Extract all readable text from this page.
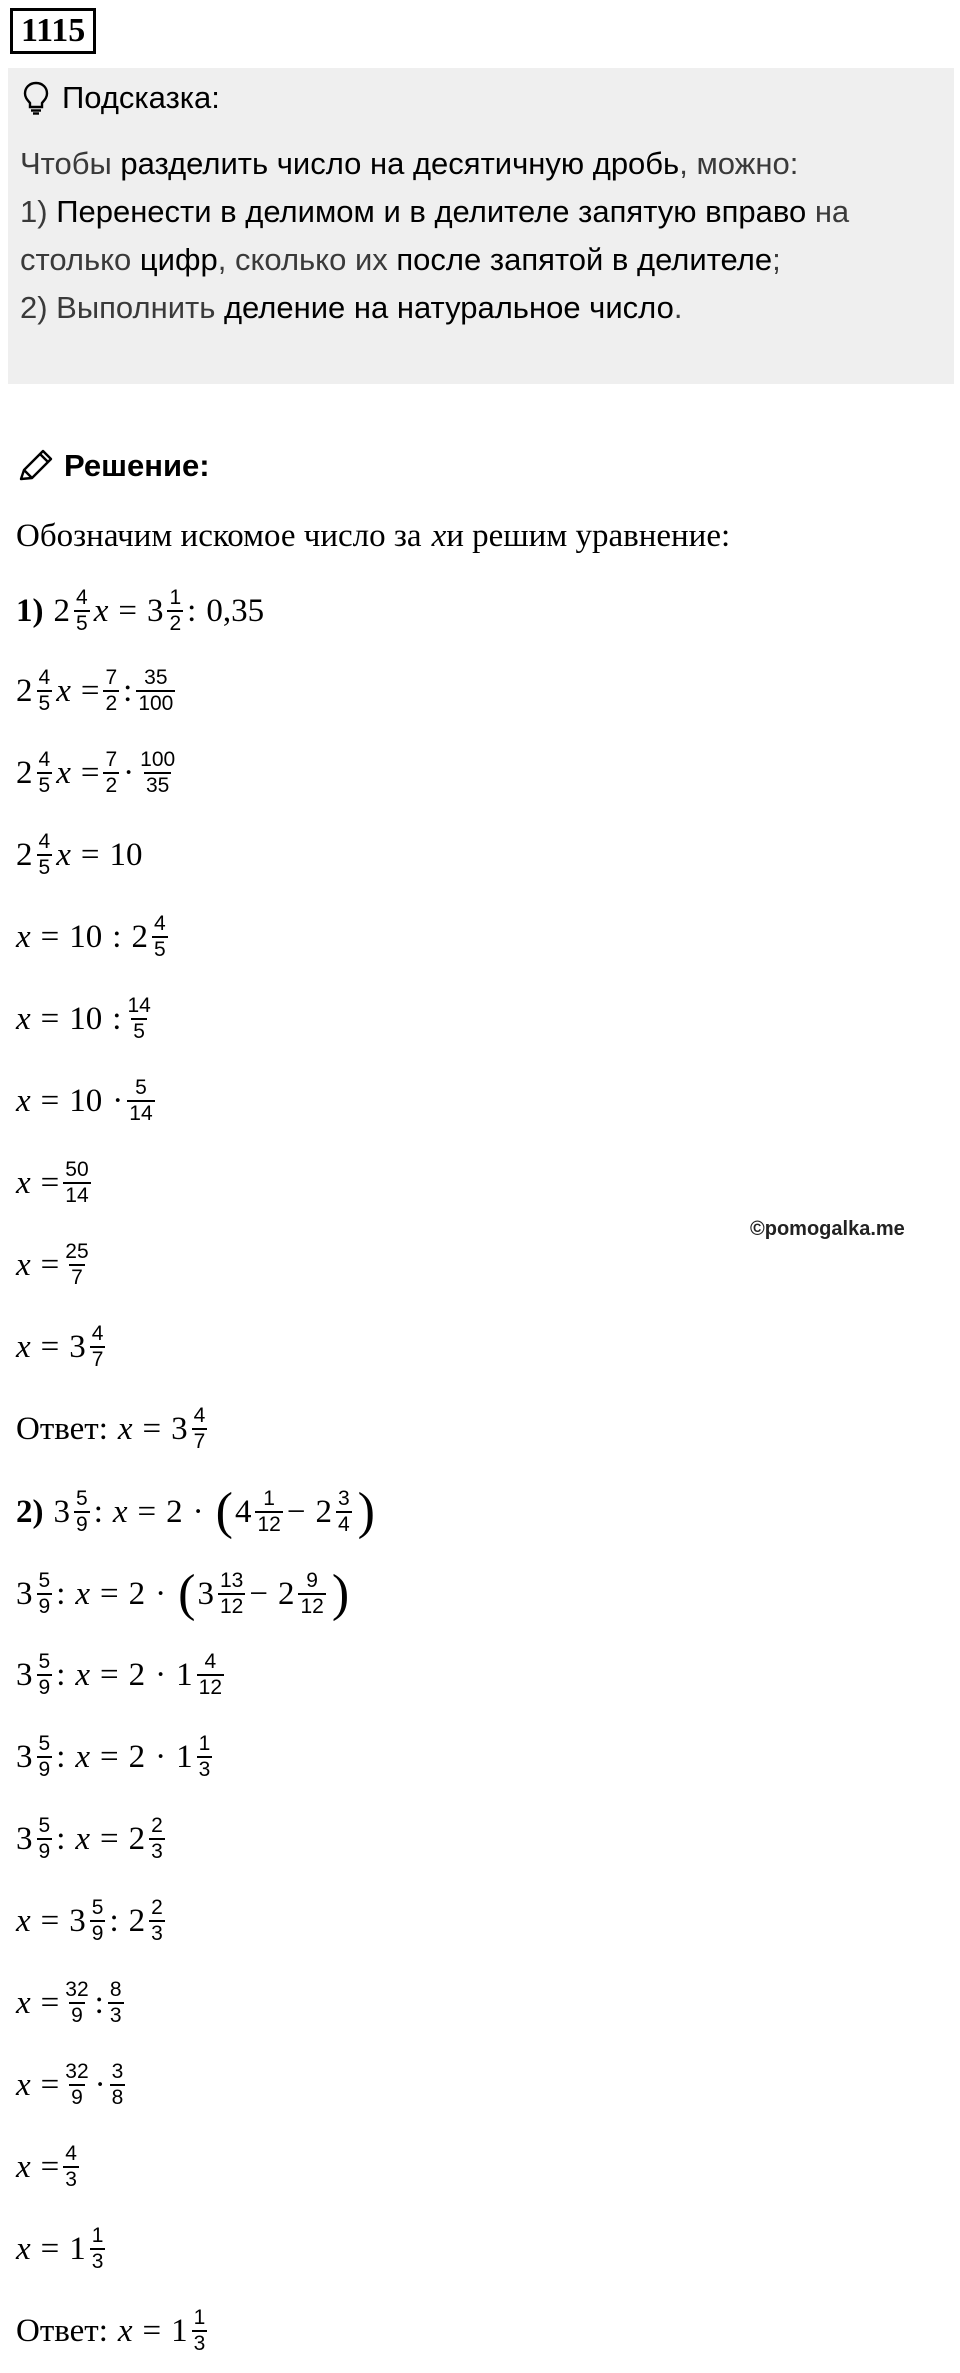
1115
Подсказка:
Чтобы разделить число на десятичную дробь, можно:
1) Перенести в делимом и в делителе запятую вправо на
столько цифр, сколько их после запятой в делителе;
2) Выполнить деление на натуральное число.
Решение:
Обозначим искомое число за x и решим уравнение:
1) $2 \frac{4}{5}$ $x = 3 \frac{1}{2}$ : 0,35
$2 \frac{4}{5}$ $x = \frac{7}{2}$ : $\frac{35}{100}$
$2 \frac{4}{5}$ $x = \frac{7}{2} \cdot \frac{100}{35}$
$2 \frac{4}{5}$ x = 10
x = 10 : $2 \frac{4}{5}$
x = 10 : $\frac{14}{5}$
$x = 10 \cdot \frac{5}{14}$
$x = \frac{50}{14}$
$x = \frac{25}{7}$
$x = 3 \frac{4}{7}$
Ответ: $x = 3 \frac{4}{7}$
©pomogalka.me
2) $3 \frac{5}{9}$ : x = 2 · ( $4 \frac{1}{12} - 2 \frac{3}{4}$ )
$3 \frac{5}{9}$ : x = 2 · ( $3 \frac{13}{12} - 2 \frac{9}{12}$ )
$3 \frac{5}{9}$ : $x = 2 \cdot 1 \frac{4}{12}$
$3 \frac{5}{9}$ : $x = 2 \cdot 1 \frac{1}{3}$
$3 \frac{5}{9}$ : $x = 2 \frac{2}{3}$
$x = 3 \frac{5}{9}$ : $2 \frac{2}{3}$
$x = \frac{32}{9}$ : $\frac{8}{3}$
$x = \frac{32}{9} \cdot \frac{3}{8}$
$x = \frac{4}{3}$
$x = 1 \frac{1}{3}$
Ответ: $x = 1 \frac{1}{3}$
